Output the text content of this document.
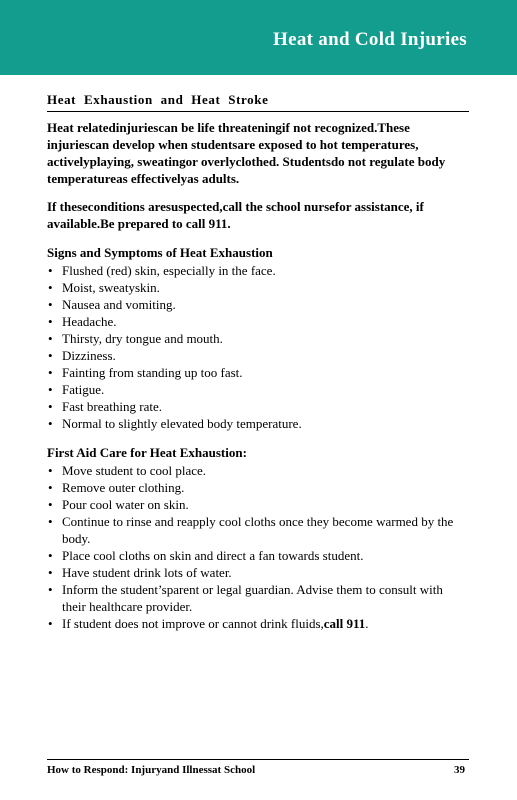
Heat and Cold Injuries
Heat Exhaustion and Heat Stroke

Heat relatedinjuriescan be life threateningif not recognized.These injuriescan develop when studentsare exposed to hot temperatures, activelyplaying, sweatingor overlyclothed. Studentsdo not regulate body temperatureas effectivelyas adults.

If theseconditions aresuspected,call the school nursefor assistance, if available.Be prepared to call 911.

Signs and Symptoms of Heat Exhaustion
• Flushed (red) skin, especially in the face.
• Moist, sweatyskin.
• Nausea and vomiting.
• Headache.
• Thirsty, dry tongue and mouth.
• Dizziness.
• Fainting from standing up too fast.
• Fatigue.
• Fast breathing rate.
• Normal to slightly elevated body temperature.
First Aid Care for Heat Exhaustion:
• Move student to cool place.
• Remove outer clothing.
• Pour cool water on skin.
• Continue to rinse and reapply cool cloths once they become warmed by the body.
• Place cool cloths on skin and direct a fan towards student.
• Have student drink lots of water.
• Inform the student’sparent or legal guardian. Advise them to consult with their healthcare provider.
• If student does not improve or cannot drink fluids,call 911.
How to Respond: Injuryand Illnessat School	39
